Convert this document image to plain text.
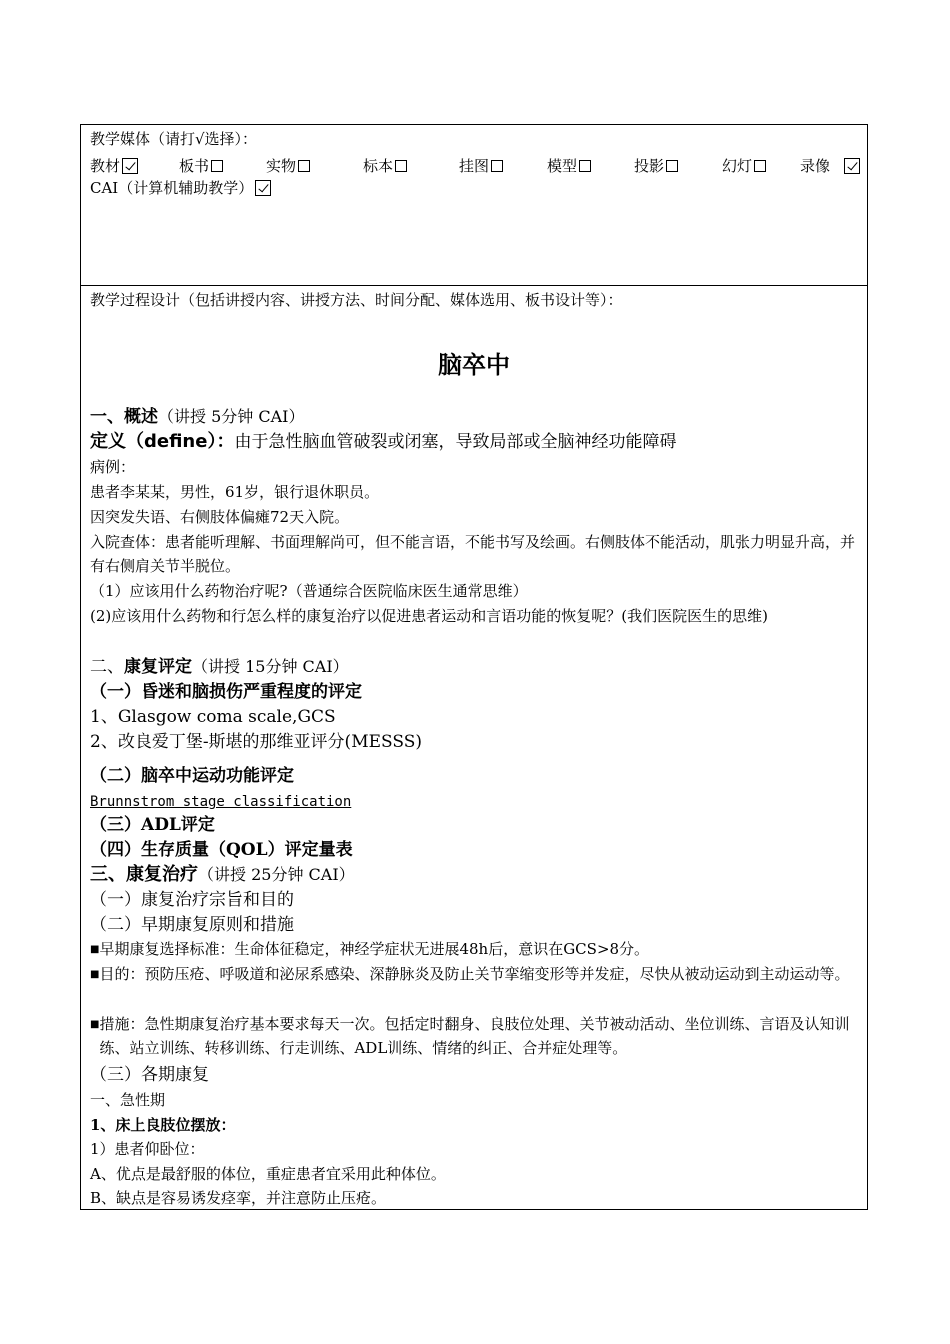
教学媒体（请打√选择）：
教材	板书	实物	标本	挂图	模型	投影	幻灯	录像
CAI（计算机辅助教学）
教学过程设计（包括讲授内容、讲授方法、时间分配、媒体选用、板书设计等）：
脑卒中
一、概述（讲授 5分钟 CAI）
定义（define）：由于急性脑血管破裂或闭塞，导致局部或全脑神经功能障碍
病例：
患者李某某，男性，61岁，银行退休职员。
因突发失语、右侧肢体偏瘫72天入院。
入院查体：患者能听理解、书面理解尚可，但不能言语，不能书写及绘画。右侧肢体不能活动，肌张力明显升高，并有右侧肩关节半脱位。
（1）应该用什么药物治疗呢?（普通综合医院临床医生通常思维）
(2)应该用什么药物和行怎么样的康复治疗以促进患者运动和言语功能的恢复呢？(我们医院医生的思维)
二、康复评定（讲授 15分钟 CAI）
（一）昏迷和脑损伤严重程度的评定
1、Glasgow coma scale,GCS
2、改良爱丁堡-斯堪的那维亚评分(MESSS)
（二）脑卒中运动功能评定
Brunnstrom stage classification
（三）ADL评定
（四）生存质量（QOL）评定量表
三、康复治疗（讲授 25分钟 CAI）
（一）康复治疗宗旨和目的
（二）早期康复原则和措施
■ 早期康复选择标准：生命体征稳定，神经学症状无进展48h后，意识在GCS>8分。
■ 目的：预防压疮、呼吸道和泌尿系感染、深静脉炎及防止关节挛缩变形等并发症，尽快从被动运动到主动运动等。
■ 措施：急性期康复治疗基本要求每天一次。包括定时翻身、良肢位处理、关节被动活动、坐位训练、言语及认知训练、站立训练、转移训练、行走训练、ADL训练、情绪的纠正、合并症处理等。
（三）各期康复
一、急性期
1、床上良肢位摆放：
1）患者仰卧位：
A、优点是最舒服的体位，重症患者宜采用此种体位。
B、缺点是容易诱发痉挛，并注意防止压疮。
